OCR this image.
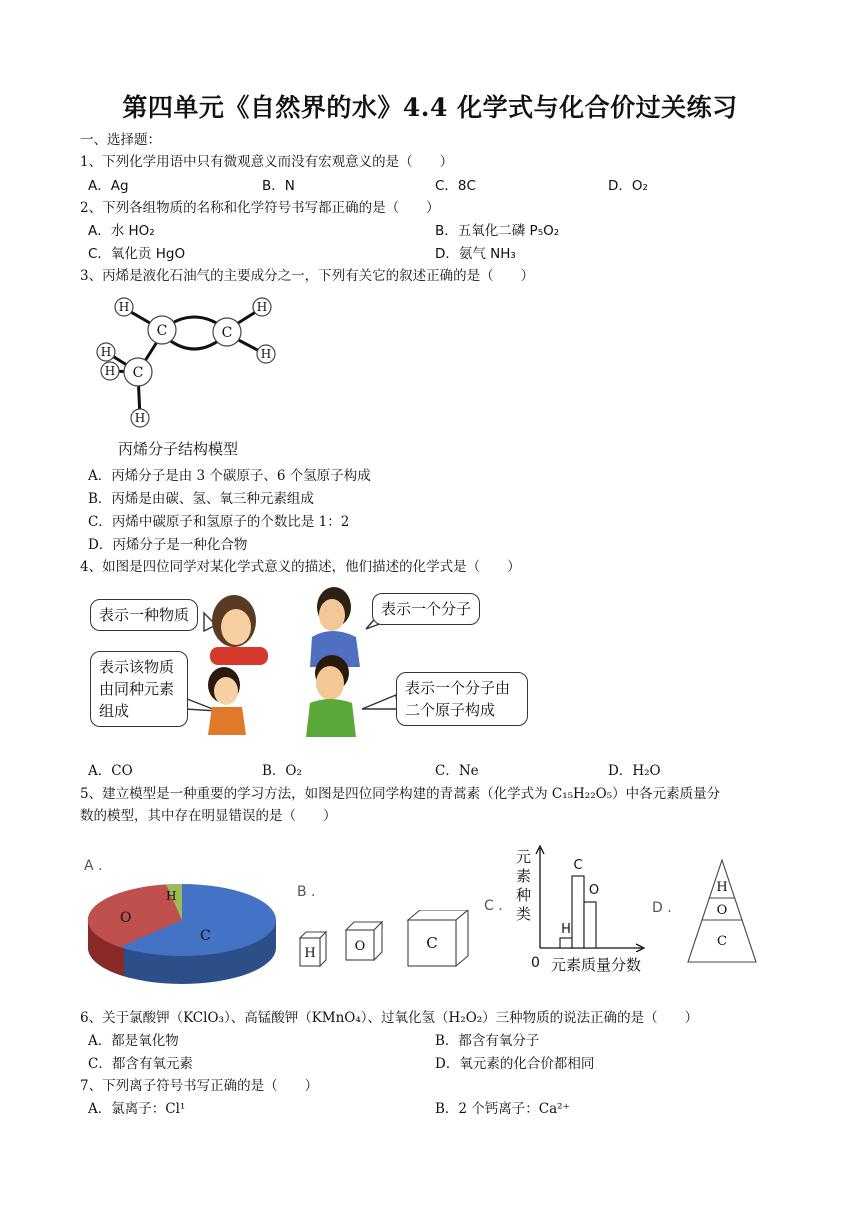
第四单元《自然界的水》4.4 化学式与化合价过关练习
一、选择题：
1、下列化学用语中只有微观意义而没有宏观意义的是（　　）
A．Ag	B．N	C．8C	D．O₂
2、下列各组物质的名称和化学符号书写都正确的是（　　）
A．水 HO₂	B．五氧化二磷 P₅O₂
C．氧化贡 HgO	D．氨气 NH₃
3、丙烯是液化石油气的主要成分之一，下列有关它的叙述正确的是（　　）
H	H
H
H
H
H
C	C
C
丙烯分子结构模型
A．丙烯分子是由 3 个碳原子、6 个氢原子构成
B．丙烯是由碳、氢、氧三种元素组成
C．丙烯中碳原子和氢原子的个数比是 1：2
D．丙烯分子是一种化合物
4、如图是四位同学对某化学式意义的描述，他们描述的化学式是（　　）
表示一种物质	表示一个分子
表示该物质由同种元素组成
表示一个分子由二个原子构成
A．CO	B．O₂	C．Ne	D．H₂O
5、建立模型是一种重要的学习方法，如图是四位同学构建的青蒿素（化学式为 C₁₅H₂₂O₅）中各元素质量分
数的模型，其中存在明显错误的是（　　）
A .
C
O
H	B .
H	O	C
C .
元素种类
0 元素质量分数
H
C
O
D .
H
O
C
6、关于氯酸钾（KClO₃）、高锰酸钾（KMnO₄）、过氧化氢（H₂O₂）三种物质的说法正确的是（　　）
A．都是氧化物	B．都含有氧分子
C．都含有氧元素	D．氧元素的化合价都相同
7、下列离子符号书写正确的是（　　）
A．氯离子：Cl¹	B．2 个钙离子：Ca²⁺
